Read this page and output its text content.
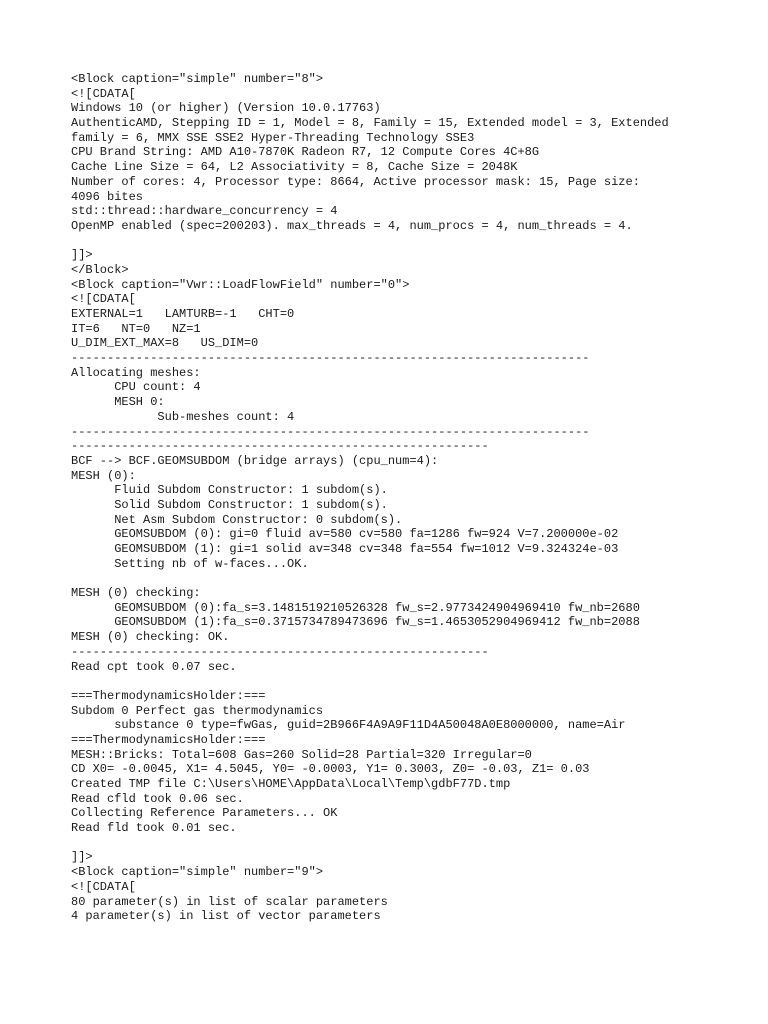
<Block caption="simple" number="8">
<![CDATA[
Windows 10 (or higher) (Version 10.0.17763)
AuthenticAMD, Stepping ID = 1, Model = 8, Family = 15, Extended model = 3, Extended
family = 6, MMX SSE SSE2 Hyper-Threading Technology SSE3
CPU Brand String: AMD A10-7870K Radeon R7, 12 Compute Cores 4C+8G
Cache Line Size = 64, L2 Associativity = 8, Cache Size = 2048K
Number of cores: 4, Processor type: 8664, Active processor mask: 15, Page size:
4096 bites
std::thread::hardware_concurrency = 4
OpenMP enabled (spec=200203). max_threads = 4, num_procs = 4, num_threads = 4.
]]>
</Block>
<Block caption="Vwr::LoadFlowField" number="0">
<![CDATA[
EXTERNAL=1   LAMTURB=-1   CHT=0
IT=6   NT=0   NZ=1
U_DIM_EXT_MAX=8   US_DIM=0
------------------------------------------------------------------------
Allocating meshes:
CPU count: 4
MESH 0:
Sub-meshes count: 4
------------------------------------------------------------------------
----------------------------------------------------------
BCF --> BCF.GEOMSUBDOM (bridge arrays) (cpu_num=4):
MESH (0):
Fluid Subdom Constructor: 1 subdom(s).
Solid Subdom Constructor: 1 subdom(s).
Net Asm Subdom Constructor: 0 subdom(s).
GEOMSUBDOM (0): gi=0 fluid av=580 cv=580 fa=1286 fw=924 V=7.200000e-02
GEOMSUBDOM (1): gi=1 solid av=348 cv=348 fa=554 fw=1012 V=9.324324e-03
Setting nb of w-faces...OK.
MESH (0) checking:
GEOMSUBDOM (0):fa_s=3.1481519210526328 fw_s=2.9773424904969410 fw_nb=2680
GEOMSUBDOM (1):fa_s=0.3715734789473696 fw_s=1.4653052904969412 fw_nb=2088
MESH (0) checking: OK.
----------------------------------------------------------
Read cpt took 0.07 sec.
===ThermodynamicsHolder:===
Subdom 0 Perfect gas thermodynamics
substance 0 type=fwGas, guid=2B966F4A9A9F11D4A50048A0E8000000, name=Air
===ThermodynamicsHolder:===
MESH::Bricks: Total=608 Gas=260 Solid=28 Partial=320 Irregular=0
CD X0= -0.0045, X1= 4.5045, Y0= -0.0003, Y1= 0.3003, Z0= -0.03, Z1= 0.03
Created TMP file C:\Users\HOME\AppData\Local\Temp\gdbF77D.tmp
Read cfld took 0.06 sec.
Collecting Reference Parameters... OK
Read fld took 0.01 sec.
]]>
<Block caption="simple" number="9">
<![CDATA[
80 parameter(s) in list of scalar parameters
4 parameter(s) in list of vector parameters
